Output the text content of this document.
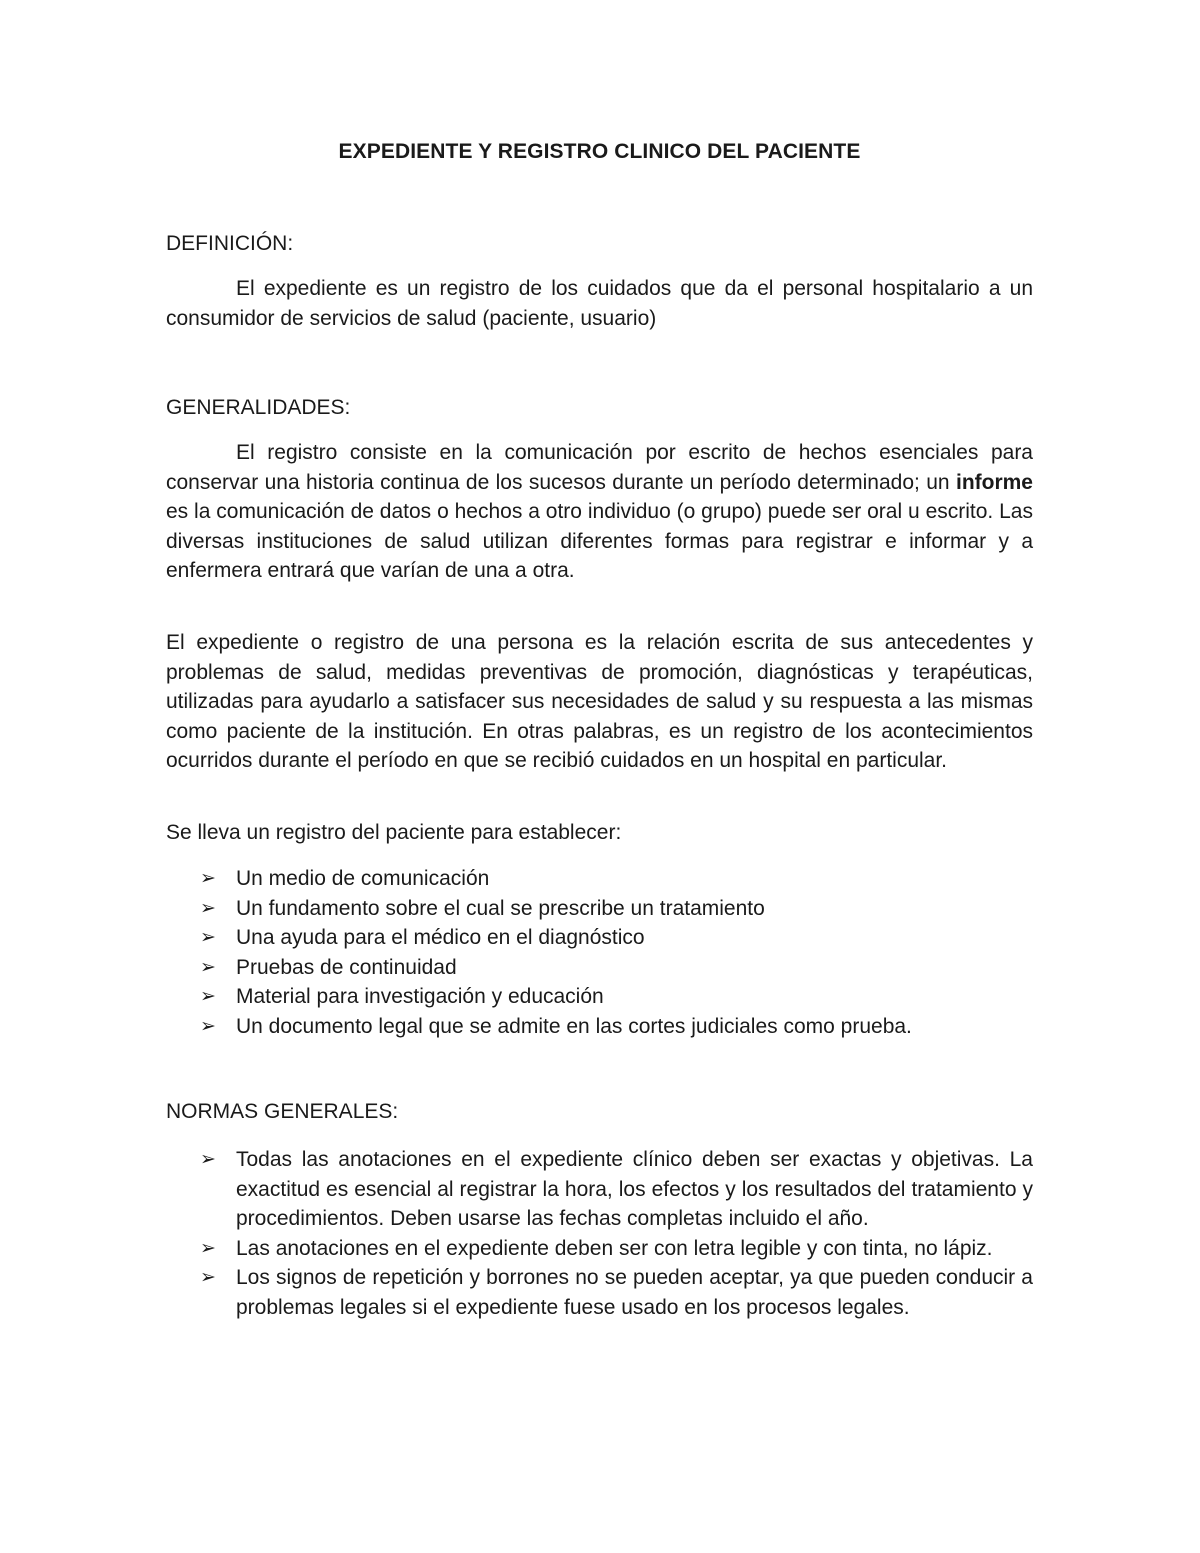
EXPEDIENTE Y REGISTRO CLINICO DEL PACIENTE
DEFINICIÓN:

El expediente es un registro de los cuidados que da el personal hospitalario a un consumidor de servicios de salud (paciente, usuario)

GENERALIDADES:

El registro consiste en la comunicación por escrito de hechos esenciales para conservar una historia continua de los sucesos durante un período determinado; un informe es la comunicación de datos o hechos a otro individuo (o grupo) puede ser oral u escrito. Las diversas instituciones de salud utilizan diferentes formas para registrar e informar y a enfermera entrará que varían de una a otra.

El expediente o registro de una persona es la relación escrita de sus antecedentes y problemas de salud, medidas preventivas de promoción, diagnósticas y terapéuticas, utilizadas para ayudarlo a satisfacer sus necesidades de salud y su respuesta a las mismas como paciente de la institución. En otras palabras, es un registro de los acontecimientos ocurridos durante el período en que se recibió cuidados en un hospital en particular.

Se lleva un registro del paciente para establecer:

➢ Un medio de comunicación
➢ Un fundamento sobre el cual se prescribe un tratamiento
➢ Una ayuda para el médico en el diagnóstico
➢ Pruebas de continuidad
➢ Material para investigación y educación
➢ Un documento legal que se admite en las cortes judiciales como prueba.
NORMAS GENERALES:
➢ Todas las anotaciones en el expediente clínico deben ser exactas y objetivas. La exactitud es esencial al registrar la hora, los efectos y los resultados del tratamiento y procedimientos. Deben usarse las fechas completas incluido el año.
➢ Las anotaciones en el expediente deben ser con letra legible y con tinta, no lápiz.
➢ Los signos de repetición y borrones no se pueden aceptar, ya que pueden conducir a problemas legales si el expediente fuese usado en los procesos legales.
